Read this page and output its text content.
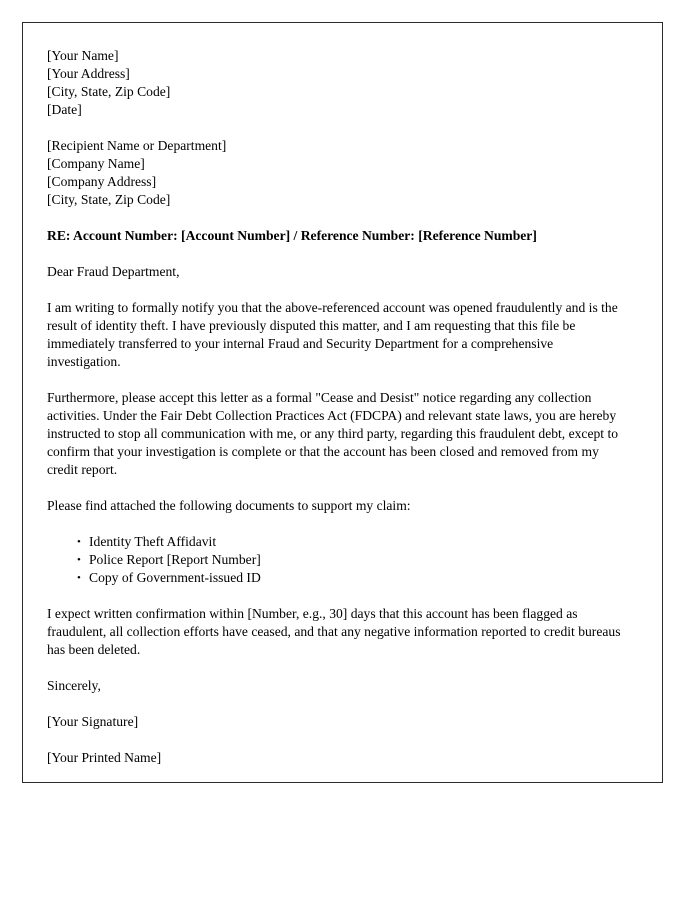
[Your Name]
[Your Address]
[City, State, Zip Code]
[Date]
[Recipient Name or Department]
[Company Name]
[Company Address]
[City, State, Zip Code]
RE: Account Number: [Account Number] / Reference Number: [Reference Number]
Dear Fraud Department,

I am writing to formally notify you that the above-referenced account was opened fraudulently and is the result of identity theft. I have previously disputed this matter, and I am requesting that this file be immediately transferred to your internal Fraud and Security Department for a comprehensive investigation.

Furthermore, please accept this letter as a formal "Cease and Desist" notice regarding any collection activities. Under the Fair Debt Collection Practices Act (FDCPA) and relevant state laws, you are hereby instructed to stop all communication with me, or any third party, regarding this fraudulent debt, except to confirm that your investigation is complete or that the account has been closed and removed from my credit report.

Please find attached the following documents to support my claim:

• Identity Theft Affidavit
• Police Report [Report Number]
• Copy of Government-issued ID

I expect written confirmation within [Number, e.g., 30] days that this account has been flagged as fraudulent, all collection efforts have ceased, and that any negative information reported to credit bureaus has been deleted.

Sincerely,
[Your Signature]
[Your Printed Name]
